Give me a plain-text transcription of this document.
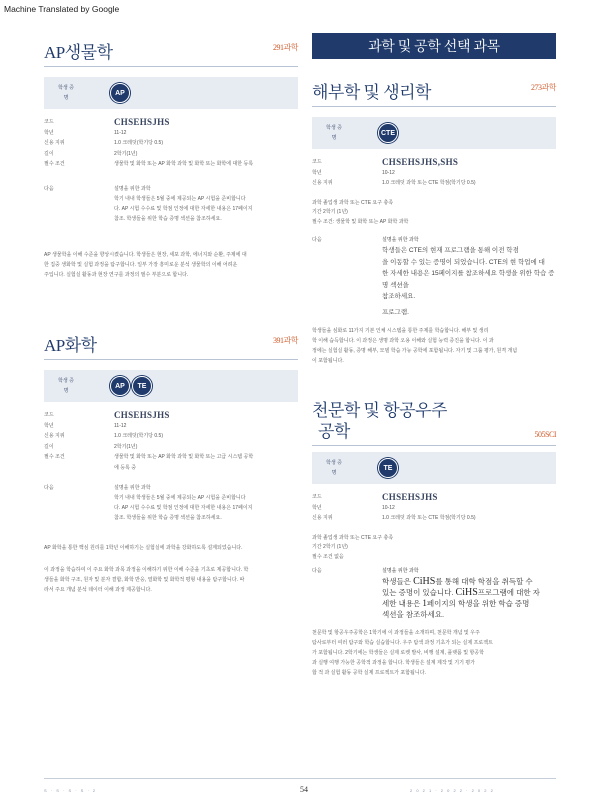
Machine Translated by Google
AP생물학	291과학
학생 증명
AP
코드	CHSEHSJHS
학년	11-12
신용 지위	1.0 크레딧(학기당 0.5)
길이	2학기(1년)
필수 조건	생물학 및 화학 또는 AP 화학 과학 및 화학 또는 화학에 대한 등록
다음	설명을 위한 과학
학기 내내 학생들은 5월 중에 제공되는 AP 시험을 준비합니다
다. AP 시험 수수료 및 학점 인정에 대한 자세한 내용은 17페이지
참조. 학생들을 위한 학습 증명 섹션을 참조하세요.
AP 생물학을 이해 수준을 향상시켰습니다. 학생들은 현장, 세포 과학, 에너지와 순환, 주제에 대
한 집중 생화학 및 실험 과정을 탐구합니다. 일부 가장 흥미로운 분석 생물학의 이해 어려운
주입니다. 실험실 활동과 현장 연구를 과정의 필수 부분으로 합니다.
AP화학	391과학
학생 증명
AP	TE
코드	CHSEHSJHS
학년	11-12
신용 지위	1.0 크레딧(학기당 0.5)
길이	2학기(1년)
필수 조건	생물학 및 화학 또는 AP 화학 과학 및 화학 또는 고급 시스템 공학
에 등록 중
다음	설명을 위한 과학
학기 내내 학생들은 5월 중에 제공되는 AP 시험을 준비합니다
다. AP 시험 수수료 및 학점 인정에 대한 자세한 내용은 17페이지
참조. 학생들을 위한 학습 증명 섹션을 참조하세요.
AP 화학을 통한 핵심 원리를 1학년 이해하기는 실험실에 과학을 강화하도록 설계되었습니다.
이 과정을 학습하여 이 주요 화학 과목 과정을 이해하기 위한 이해 수준을 기초로 제공합니다. 학
생들을 화학 구조, 원자 및 분자 결합, 화학 반응, 열화학 및 화학적 평형 내용을 탐구합니다. 따
라서 주요 개념 분석 데이터 이해 과정 제공합니다.
과학 및 공학 선택 과목
해부학 및 생리학	273과학
학생 증명
CTE
코드	CHSEHSJHS,SHS
학년	10-12
신용 지위	1.0 크레딧 과학 또는 CTE 학점(학기당 0.5)
과학 졸업생 과학 또는 CTE 요구 충족
기간 2학기 (1년)
필수 조건: 생물학 및 화학 또는 AP 화학 과학
다음	설명을 위한 과학
학생들은 CTE의 현재 프로그램을 통해 이전 학점
을 이동할 수 있는 증명이 되었습니다. CTE의 현 학업에 대
한 자세한 내용은 15페이지를 참조하세요 학생을 위한 학습 증명 섹션을
참조하세요.
프로그램.
학생들을 심화로 11가지 기본 인체 시스템을 통한 주제를 학습합니다. 해부 및 생리
학 이해 습득합니다. 이 과정은 생명 과학 오용 이해와 실험 능력 증진을 합니다. 이 과
정에는 실험실 활동, 증명 해부, 모델 학습 가능 공학에 포함됩니다. 자기 및 그룹 평가, 원격 개념
이 포함됩니다.
천문학 및 항공우주
공학	505SCI
학생 증명
TE
코드	CHSEHSJHS
학년	10-12
신용 지위	1.0 크레딧 과학 또는 CTE 학점(학기당 0.5)
과학 졸업생 과학 또는 CTE 요구 충족
기간 2학기 (1년)
필수 조건 없음
다음	설명을 위한 과학
학생들은 CiHS를 통해 대학 학점을 취득할 수
있는 증명이 있습니다. CiHS프로그램에 대한 자
세한 내용은 1페이지의 학생을 위한 학습 증명
섹션을 참조하세요.
천문학 및 항공우주공학은 1학기에 이 과정들을 소개하며, 천문학 개념 및 우주
탐사로부터 여러 탐구와 학습 실습합니다. 우주 탐색 과정 기초가 되는 실제 프로젝트
가 포함됩니다. 2학기에는 학생들은 실제 로켓 발사, 비행 설계, 플랫폼 및 항공학
과 실행 여행 가능한 공학적 과정을 합니다. 학생들은 설계 제작 및 기기 평가
합 적 과 실험 활동 공학 실제 프로젝트가 포함됩니다.
S · S · S · S · 2	54	2 0 2 1 · 2 0 2 2 · 2 0 2 2
